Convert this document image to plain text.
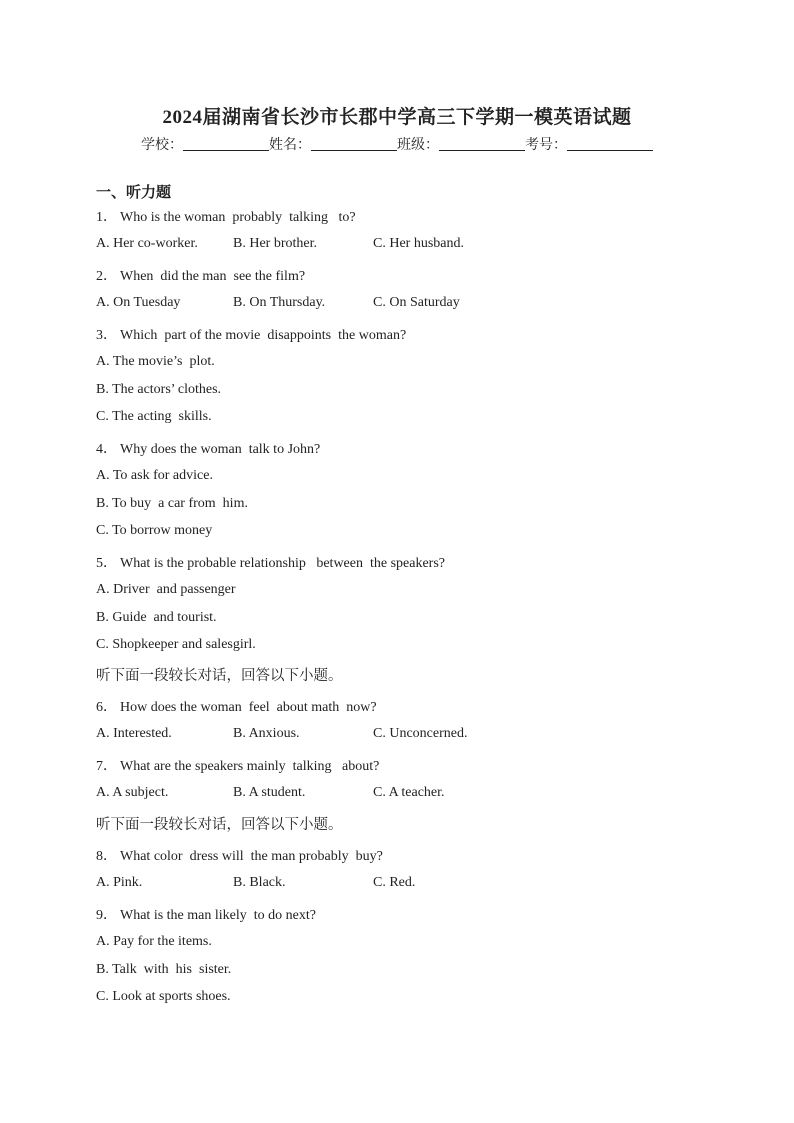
2024届湖南省长沙市长郡中学高三下学期一模英语试题
学校：	姓名：	班级：	考号：
一、听力题
1． Who is the woman  probably  talking   to?
A. Her co-worker.	B. Her brother.	C. Her husband.
2． When  did the man  see the film?
A. On Tuesday	B. On Thursday.	C. On Saturday
3． Which  part of the movie  disappoints  the woman?
A. The movie’s  plot.
B. The actors’ clothes.
C. The acting  skills.
4． Why does the woman  talk to John?
A. To ask for advice.
B. To buy  a car from  him.
C. To borrow money
5． What is the probable relationship   between  the speakers?
A. Driver  and passenger
B. Guide  and tourist.
C. Shopkeeper and salesgirl.
听下面一段较长对话，回答以下小题。
6． How does the woman  feel  about math  now?
A. Interested.	B. Anxious.	C. Unconcerned.
7． What are the speakers mainly  talking   about?
A. A subject.	B. A student.	C. A teacher.
听下面一段较长对话，回答以下小题。
8． What color  dress will  the man probably  buy?
A. Pink.	B. Black.	C. Red.
9． What is the man likely  to do next?
A. Pay for the items.
B. Talk  with  his  sister.
C. Look at sports shoes.
